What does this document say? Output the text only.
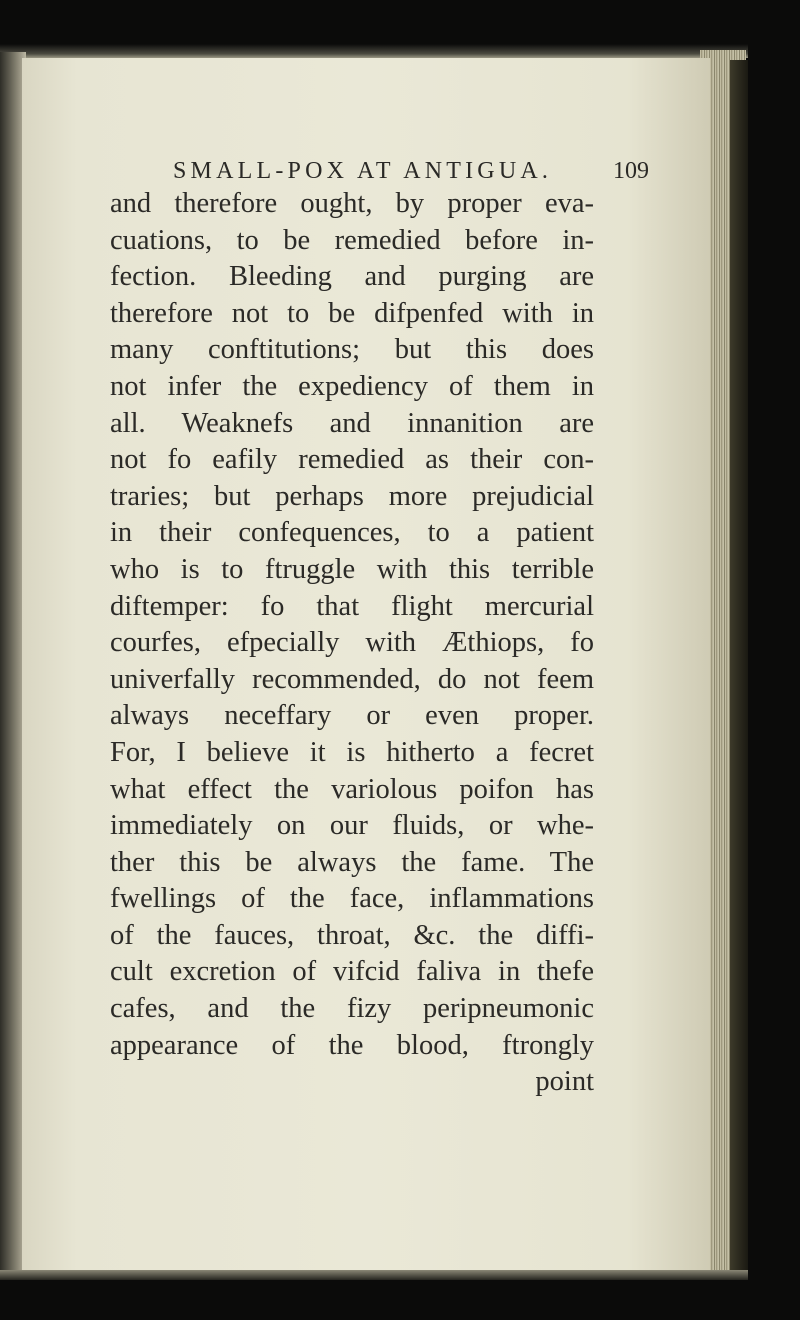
SMALL-POX AT ANTIGUA.	109
and therefore ought, by proper eva-
cuations, to be remedied before in-
fection. Bleeding and purging are
therefore not to be difpenfed with in
many conftitutions; but this does
not infer the expediency of them in
all. Weaknefs and innanition are
not fo eafily remedied as their con-
traries; but perhaps more prejudicial
in their confequences, to a patient
who is to ftruggle with this terrible
diftemper: fo that flight mercurial
courfes, efpecially with Æthiops, fo
univerfally recommended, do not feem
always neceffary or even proper.
For, I believe it is hitherto a fecret
what effect the variolous poifon has
immediately on our fluids, or whe-
ther this be always the fame. The
fwellings of the face, inflammations
of the fauces, throat, &c. the diffi-
cult excretion of vifcid faliva in thefe
cafes, and the fizy peripneumonic
appearance of the blood, ftrongly
point
